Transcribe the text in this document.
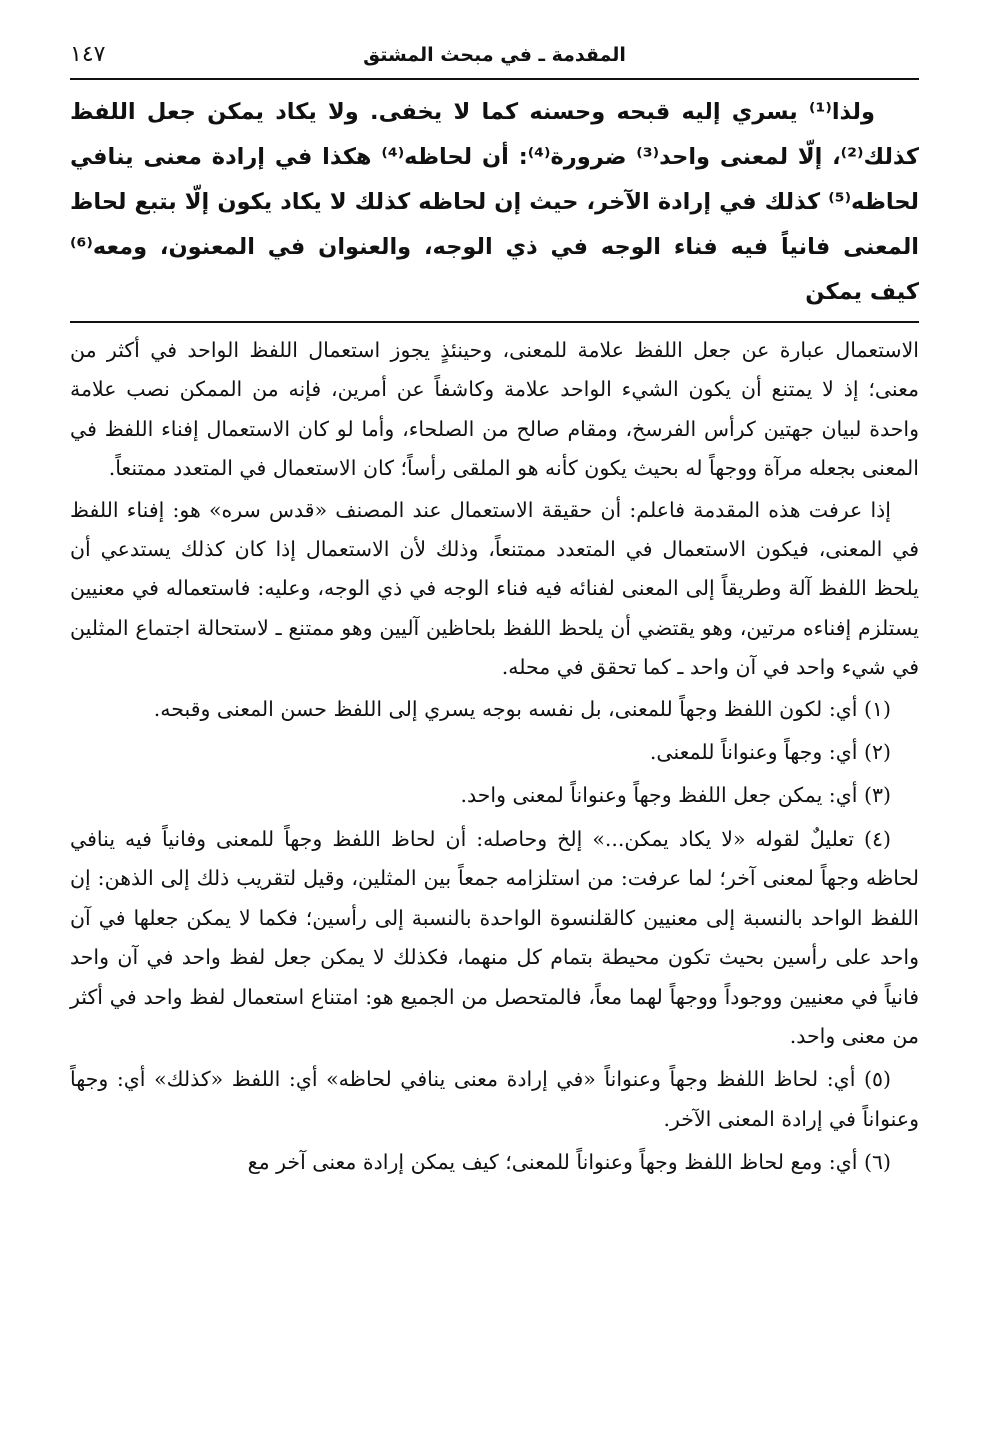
المقدمة ـ في مبحث المشتق
١٤٧

ولذا⁽¹⁾ يسري إليه قبحه وحسنه كما لا يخفى. ولا يكاد يمكن جعل اللفظ كذلك⁽²⁾، إلّا لمعنى واحد⁽³⁾ ضرورة⁽⁴⁾: أن لحاظه⁽⁴⁾ هكذا في إرادة معنى ينافي لحاظه⁽⁵⁾ كذلك في إرادة الآخر، حيث إن لحاظه كذلك لا يكاد يكون إلّا بتبع لحاظ المعنى فانياً فيه فناء الوجه في ذي الوجه، والعنوان في المعنون، ومعه⁽⁶⁾ كيف يمكن

الاستعمال عبارة عن جعل اللفظ علامة للمعنى، وحينئذٍ يجوز استعمال اللفظ الواحد في أكثر من معنى؛ إذ لا يمتنع أن يكون الشيء الواحد علامة وكاشفاً عن أمرين، فإنه من الممكن نصب علامة واحدة لبيان جهتين كرأس الفرسخ، ومقام صالح من الصلحاء، وأما لو كان الاستعمال إفناء اللفظ في المعنى بجعله مرآة ووجهاً له بحيث يكون كأنه هو الملقى رأساً؛ كان الاستعمال في المتعدد ممتنعاً.

إذا عرفت هذه المقدمة فاعلم: أن حقيقة الاستعمال عند المصنف «قدس سره» هو: إفناء اللفظ في المعنى، فيكون الاستعمال في المتعدد ممتنعاً، وذلك لأن الاستعمال إذا كان كذلك يستدعي أن يلحظ اللفظ آلة وطريقاً إلى المعنى لفنائه فيه فناء الوجه في ذي الوجه، وعليه: فاستعماله في معنيين يستلزم إفناءه مرتين، وهو يقتضي أن يلحظ اللفظ بلحاظين آليين وهو ممتنع ـ لاستحالة اجتماع المثلين في شيء واحد في آن واحد ـ كما تحقق في محله.

(١) أي: لكون اللفظ وجهاً للمعنى، بل نفسه بوجه يسري إلى اللفظ حسن المعنى وقبحه.

(٢) أي: وجهاً وعنواناً للمعنى.

(٣) أي: يمكن جعل اللفظ وجهاً وعنواناً لمعنى واحد.

(٤) تعليلٌ لقوله «لا يكاد يمكن...» إلخ وحاصله: أن لحاظ اللفظ وجهاً للمعنى وفانياً فيه ينافي لحاظه وجهاً لمعنى آخر؛ لما عرفت: من استلزامه جمعاً بين المثلين، وقيل لتقريب ذلك إلى الذهن: إن اللفظ الواحد بالنسبة إلى معنيين كالقلنسوة الواحدة بالنسبة إلى رأسين؛ فكما لا يمكن جعلها في آن واحد على رأسين بحيث تكون محيطة بتمام كل منهما، فكذلك لا يمكن جعل لفظ واحد في آن واحد فانياً في معنيين ووجوداً ووجهاً لهما معاً، فالمتحصل من الجميع هو: امتناع استعمال لفظ واحد في أكثر من معنى واحد.

(٥) أي: لحاظ اللفظ وجهاً وعنواناً «في إرادة معنى ينافي لحاظه» أي: اللفظ «كذلك» أي: وجهاً وعنواناً في إرادة المعنى الآخر.

(٦) أي: ومع لحاظ اللفظ وجهاً وعنواناً للمعنى؛ كيف يمكن إرادة معنى آخر مع
